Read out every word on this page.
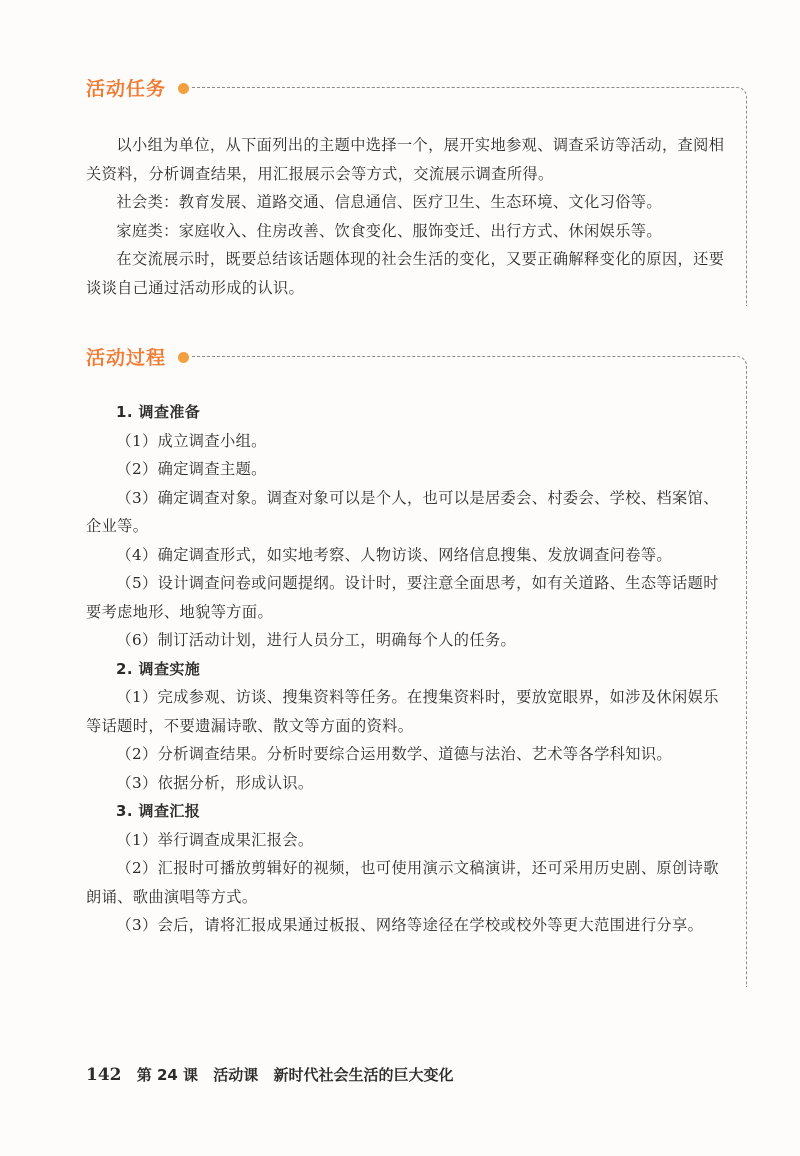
活动任务

以小组为单位，从下面列出的主题中选择一个，展开实地参观、调查采访等活动，查阅相关资料，分析调查结果，用汇报展示会等方式，交流展示调查所得。

社会类：教育发展、道路交通、信息通信、医疗卫生、生态环境、文化习俗等。

家庭类：家庭收入、住房改善、饮食变化、服饰变迁、出行方式、休闲娱乐等。

在交流展示时，既要总结该话题体现的社会生活的变化，又要正确解释变化的原因，还要谈谈自己通过活动形成的认识。

活动过程

1. 调查准备

（1）成立调查小组。

（2）确定调查主题。

（3）确定调查对象。调查对象可以是个人，也可以是居委会、村委会、学校、档案馆、企业等。

（4）确定调查形式，如实地考察、人物访谈、网络信息搜集、发放调查问卷等。

（5）设计调查问卷或问题提纲。设计时，要注意全面思考，如有关道路、生态等话题时要考虑地形、地貌等方面。

（6）制订活动计划，进行人员分工，明确每个人的任务。

2. 调查实施

（1）完成参观、访谈、搜集资料等任务。在搜集资料时，要放宽眼界，如涉及休闲娱乐等话题时，不要遗漏诗歌、散文等方面的资料。

（2）分析调查结果。分析时要综合运用数学、道德与法治、艺术等各学科知识。

（3）依据分析，形成认识。

3. 调查汇报

（1）举行调查成果汇报会。

（2）汇报时可播放剪辑好的视频，也可使用演示文稿演讲，还可采用历史剧、原创诗歌朗诵、歌曲演唱等方式。

（3）会后，请将汇报成果通过板报、网络等途径在学校或校外等更大范围进行分享。

142 第 24 课 活动课 新时代社会生活的巨大变化
